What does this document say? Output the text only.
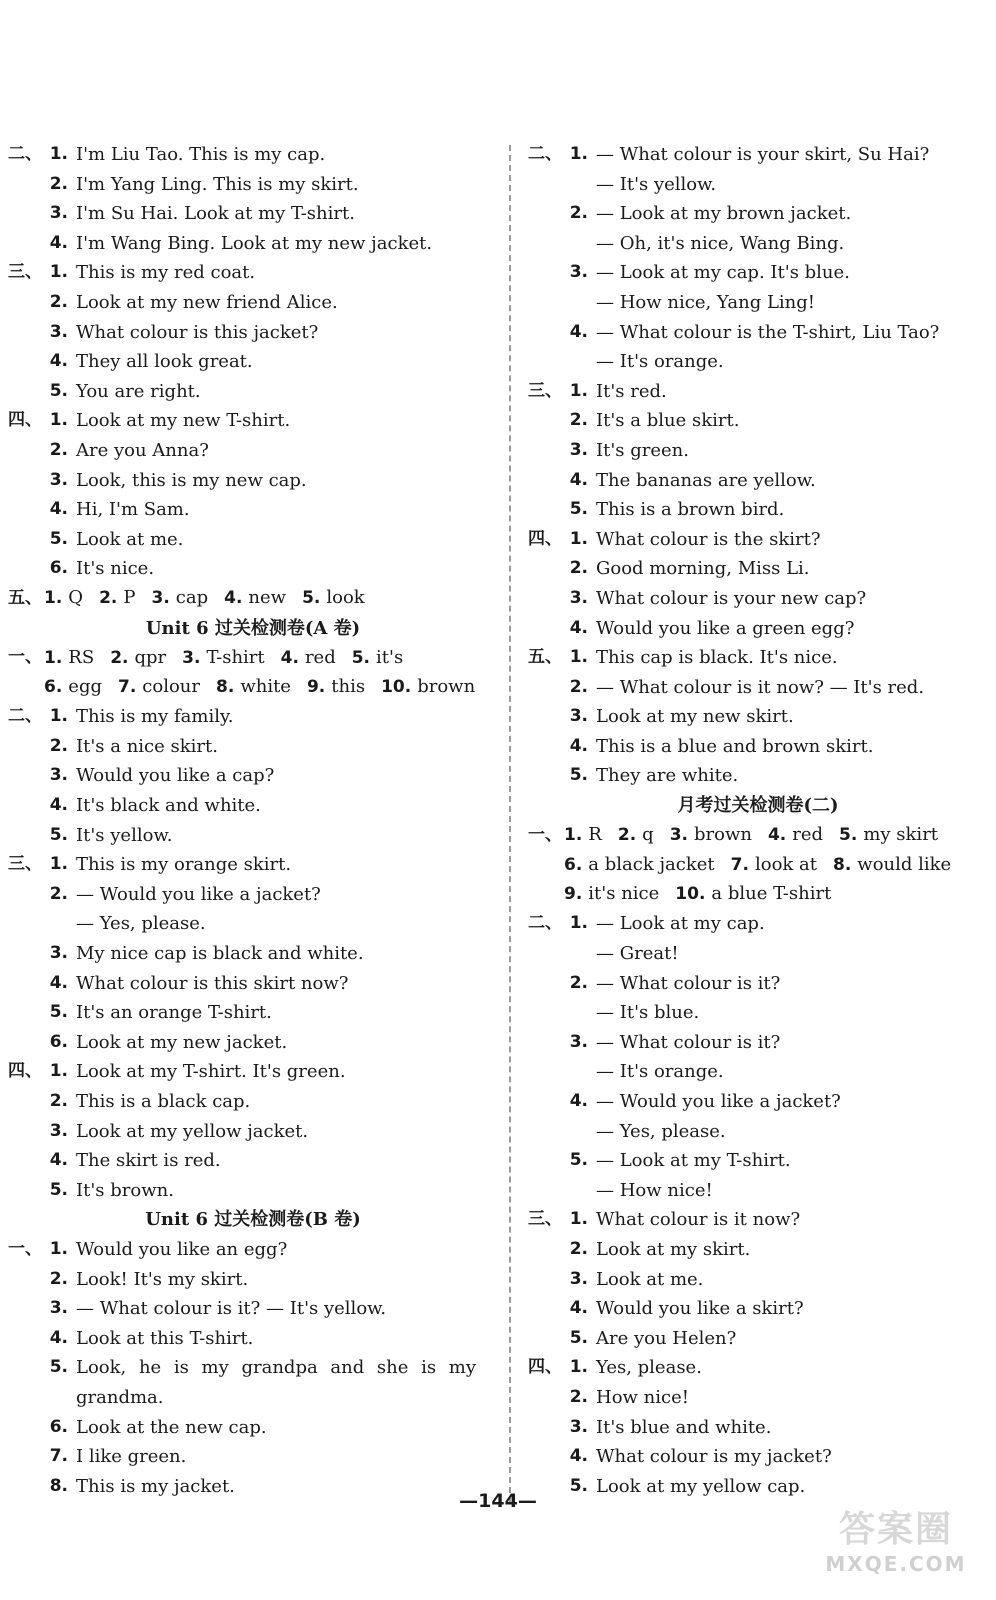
二、 1. I'm Liu Tao. This is my cap.
2. I'm Yang Ling. This is my skirt.
3. I'm Su Hai. Look at my T-shirt.
4. I'm Wang Bing. Look at my new jacket.
三、 1. This is my red coat.
2. Look at my new friend Alice.
3. What colour is this jacket?
4. They all look great.
5. You are right.
四、 1. Look at my new T-shirt.
2. Are you Anna?
3. Look, this is my new cap.
4. Hi, I'm Sam.
5. Look at me.
6. It's nice.
五、 1. Q 2. P 3. cap 4. new 5. look
Unit 6 过关检测卷(A 卷)
一、 1. RS 2. qpr 3. T-shirt 4. red 5. it's
6. egg 7. colour 8. white 9. this 10. brown
二、 1. This is my family.
2. It's a nice skirt.
3. Would you like a cap?
4. It's black and white.
5. It's yellow.
三、 1. This is my orange skirt.
2. — Would you like a jacket?
— Yes, please.
3. My nice cap is black and white.
4. What colour is this skirt now?
5. It's an orange T-shirt.
6. Look at my new jacket.
四、 1. Look at my T-shirt. It's green.
2. This is a black cap.
3. Look at my yellow jacket.
4. The skirt is red.
5. It's brown.
Unit 6 过关检测卷(B 卷)
一、 1. Would you like an egg?
2. Look! It's my skirt.
3. — What colour is it? — It's yellow.
4. Look at this T-shirt.
5. Look, he is my grandpa and she is my
grandma.
6. Look at the new cap.
7. I like green.
8. This is my jacket.
二、 1. — What colour is your skirt, Su Hai?
— It's yellow.
2. — Look at my brown jacket.
— Oh, it's nice, Wang Bing.
3. — Look at my cap. It's blue.
— How nice, Yang Ling!
4. — What colour is the T-shirt, Liu Tao?
— It's orange.
三、 1. It's red.
2. It's a blue skirt.
3. It's green.
4. The bananas are yellow.
5. This is a brown bird.
四、 1. What colour is the skirt?
2. Good morning, Miss Li.
3. What colour is your new cap?
4. Would you like a green egg?
五、 1. This cap is black. It's nice.
2. — What colour is it now? — It's red.
3. Look at my new skirt.
4. This is a blue and brown skirt.
5. They are white.
月考过关检测卷(二)
一、 1. R 2. q 3. brown 4. red 5. my skirt
6. a black jacket 7. look at 8. would like
9. it's nice 10. a blue T-shirt
二、 1. — Look at my cap.
— Great!
2. — What colour is it?
— It's blue.
3. — What colour is it?
— It's orange.
4. — Would you like a jacket?
— Yes, please.
5. — Look at my T-shirt.
— How nice!
三、 1. What colour is it now?
2. Look at my skirt.
3. Look at me.
4. Would you like a skirt?
5. Are you Helen?
四、 1. Yes, please.
2. How nice!
3. It's blue and white.
4. What colour is my jacket?
5. Look at my yellow cap.
—144—
答案圈
MXQE.COM
